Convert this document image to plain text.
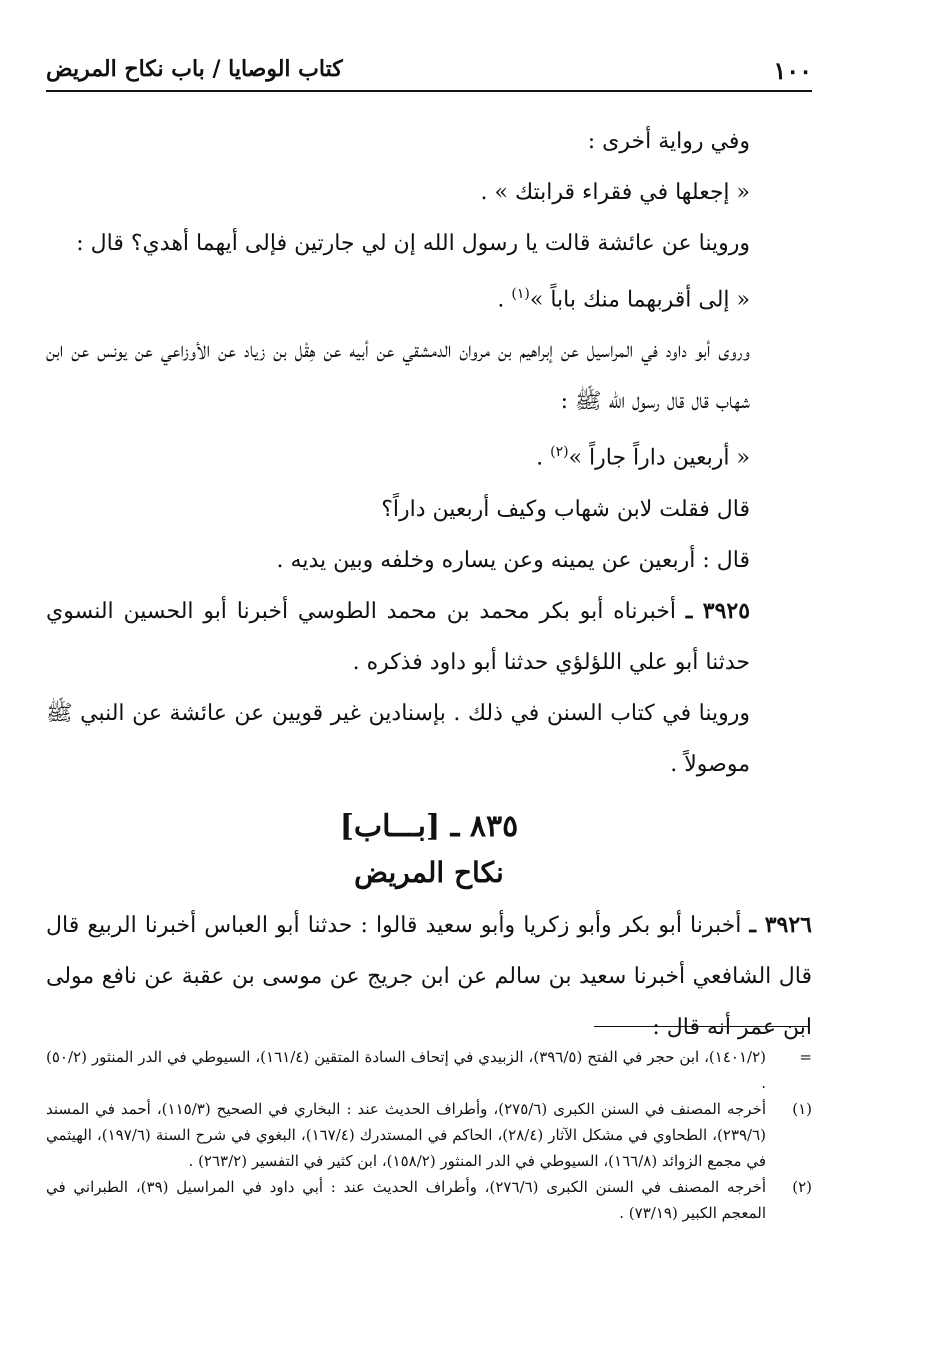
١٠٠
كتاب الوصايا / باب نكاح المريض

وفي رواية أخرى :

« إجعلها في فقراء قرابتك » .

وروينا عن عائشة قالت يا رسول الله إن لي جارتين فإلى أيهما أهدي؟ قال :

« إلى أقربهما منك باباً »$^{(١)}$ .

وروى أبو داود في المراسيل عن إبراهيم بن مروان الدمشقي عن أبيه عن هِقْل بن زياد عن الأوزاعي عن يونس عن ابن شهاب قال قال رسول الله ﷺ :

« أربعين داراً جاراً »$^{(٢)}$ .

قال فقلت لابن شهاب وكيف أربعين داراً؟

قال : أربعين عن يمينه وعن يساره وخلفه وبين يديه .

٣٩٢٥ ـ أخبرناه أبو بكر محمد بن محمد الطوسي أخبرنا أبو الحسين النسوي حدثنا أبو علي اللؤلؤي حدثنا أبو داود فذكره .

وروينا في كتاب السنن في ذلك . بإسنادين غير قويين عن عائشة عن النبي ﷺ موصولاً .

٨٣٥ ـ [بـــاب]
نكاح المريض

٣٩٢٦ ـ أخبرنا أبو بكر وأبو زكريا وأبو سعيد قالوا : حدثنا أبو العباس أخبرنا الربيع قال قال الشافعي أخبرنا سعيد بن سالم عن ابن جريج عن موسى بن عقبة عن نافع مولى ابن عمر أنه قال :

=
(١٤٠١/٢)، ابن حجر في الفتح (٣٩٦/٥)، الزبيدي في إتحاف السادة المتقين (١٦١/٤)، السيوطي في الدر المنثور (٥٠/٢) .
(١)
أخرجه المصنف في السنن الكبرى (٢٧٥/٦)، وأطراف الحديث عند : البخاري في الصحيح (١١٥/٣)، أحمد في المسند (٢٣٩/٦)، الطحاوي في مشكل الآثار (٢٨/٤)، الحاكم في المستدرك (١٦٧/٤)، البغوي في شرح السنة (١٩٧/٦)، الهيثمي في مجمع الزوائد (١٦٦/٨)، السيوطي في الدر المنثور (١٥٨/٢)، ابن كثير في التفسير (٢٦٣/٢) .
(٢)
أخرجه المصنف في السنن الكبرى (٢٧٦/٦)، وأطراف الحديث عند : أبي داود في المراسيل (٣٩)، الطبراني في المعجم الكبير (٧٣/١٩) .
